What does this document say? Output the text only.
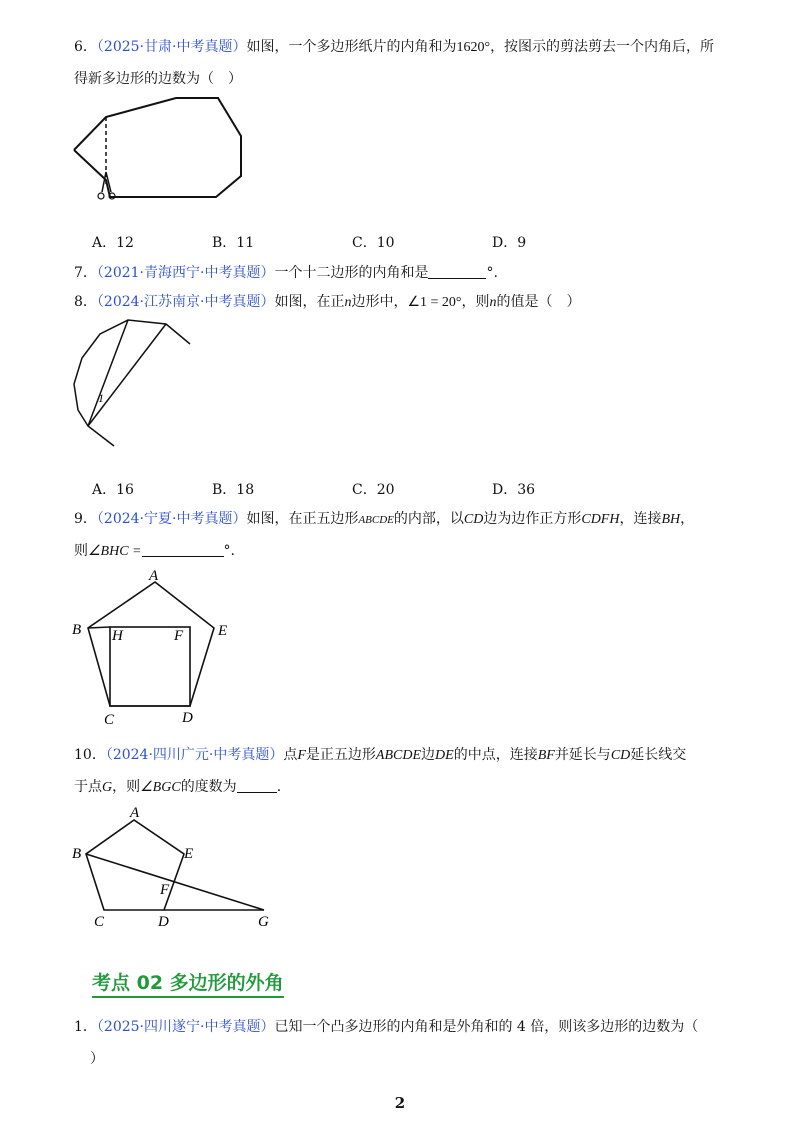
6．（2025·甘肃·中考真题）如图，一个多边形纸片的内角和为1620°，按图示的剪法剪去一个内角后，所
得新多边形的边数为（　）
A．12	B．11	C．10	D．9
7．（2021·青海西宁·中考真题）一个十二边形的内角和是	°.
8．（2024·江苏南京·中考真题）如图，在正n边形中，∠1 = 20°，则n的值是（　）
1
A．16	B．18	C．20	D．36
9．（2024·宁夏·中考真题）如图，在正五边形ABCDE的内部，以CD边为边作正方形CDFH，连接BH，
则∠BHC =	°.
A
B
C	D
E
F
H
10．（2024·四川广元·中考真题）点F是正五边形ABCDE边DE的中点，连接BF并延长与CD延长线交
于点G，则∠BGC的度数为	.
A
B
C	D
E
F
G
考点 02 多边形的外角
1．（2025·四川遂宁·中考真题）已知一个凸多边形的内角和是外角和的 4 倍，则该多边形的边数为（
）
2
